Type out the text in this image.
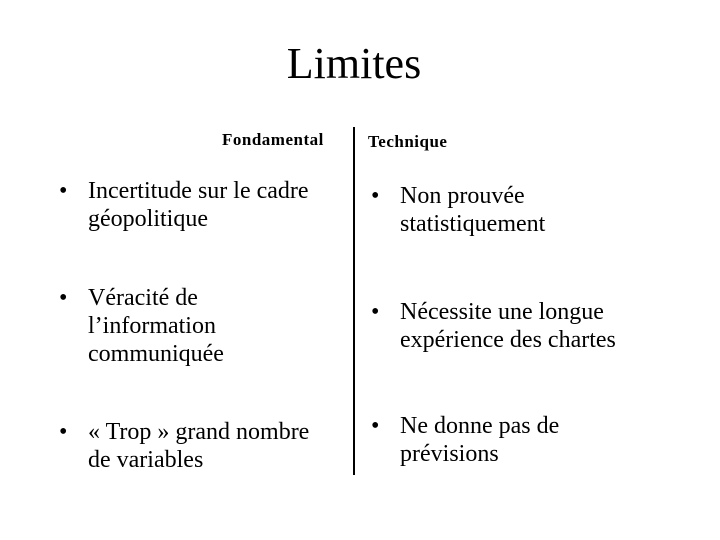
Limites
Fondamental	Technique
• Incertitude sur le cadre
géopolitique
• Véracité de
l’information
communiquée
• « Trop » grand nombre
de variables
• Non prouvée
statistiquement
• Nécessite une longue
expérience des chartes
• Ne donne pas de
prévisions
